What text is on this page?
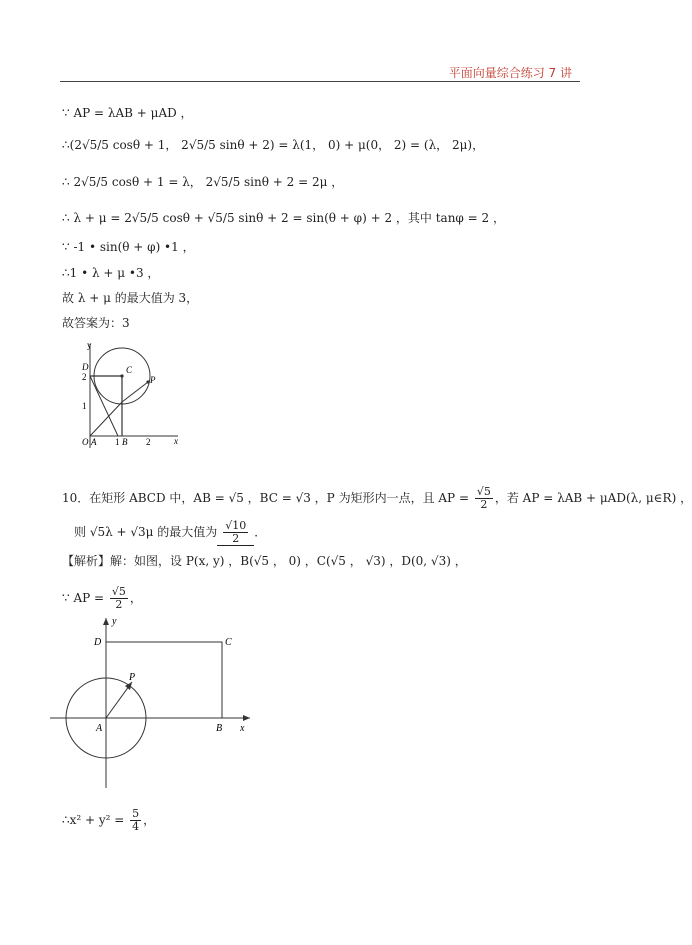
平面向量综合练习 7 讲
∵ AP = λAB + μAD ，
∴(2√5/5 cosθ + 1， 2√5/5 sinθ + 2) = λ(1， 0) + μ(0， 2) = (λ， 2μ)，
∴ 2√5/5 cosθ + 1 = λ， 2√5/5 sinθ + 2 = 2μ ，
∴ λ + μ = 2√5/5 cosθ + √5/5 sinθ + 2 = sin(θ + φ) + 2 ，其中 tanφ = 2 ，
∵ -1 • sin(θ + φ) •1 ，
∴1 • λ + μ •3 ，
故 λ + μ 的最大值为 3，
故答案为：3
y
D	C
P
2
1
O A 1 B 2	x
10．在矩形 ABCD 中，AB = √5 ，BC = √3 ，P 为矩形内一点，且 AP = $\frac{√5}{2}$ ，若 AP = λAB + μAD(λ, μ∈R) ，
则 √5λ + √3μ 的最大值为 $\frac{√10}{2}$ ．
【解析】解：如图，设 P(x, y) ，B(√5 ， 0) ，C(√5 ， √3) ，D(0, √3) ，
∵ AP = $\frac{√5}{2}$ ，
y
D	C
P
A	B x
∴x² + $y^2 = \frac{5}{4}$ ，
